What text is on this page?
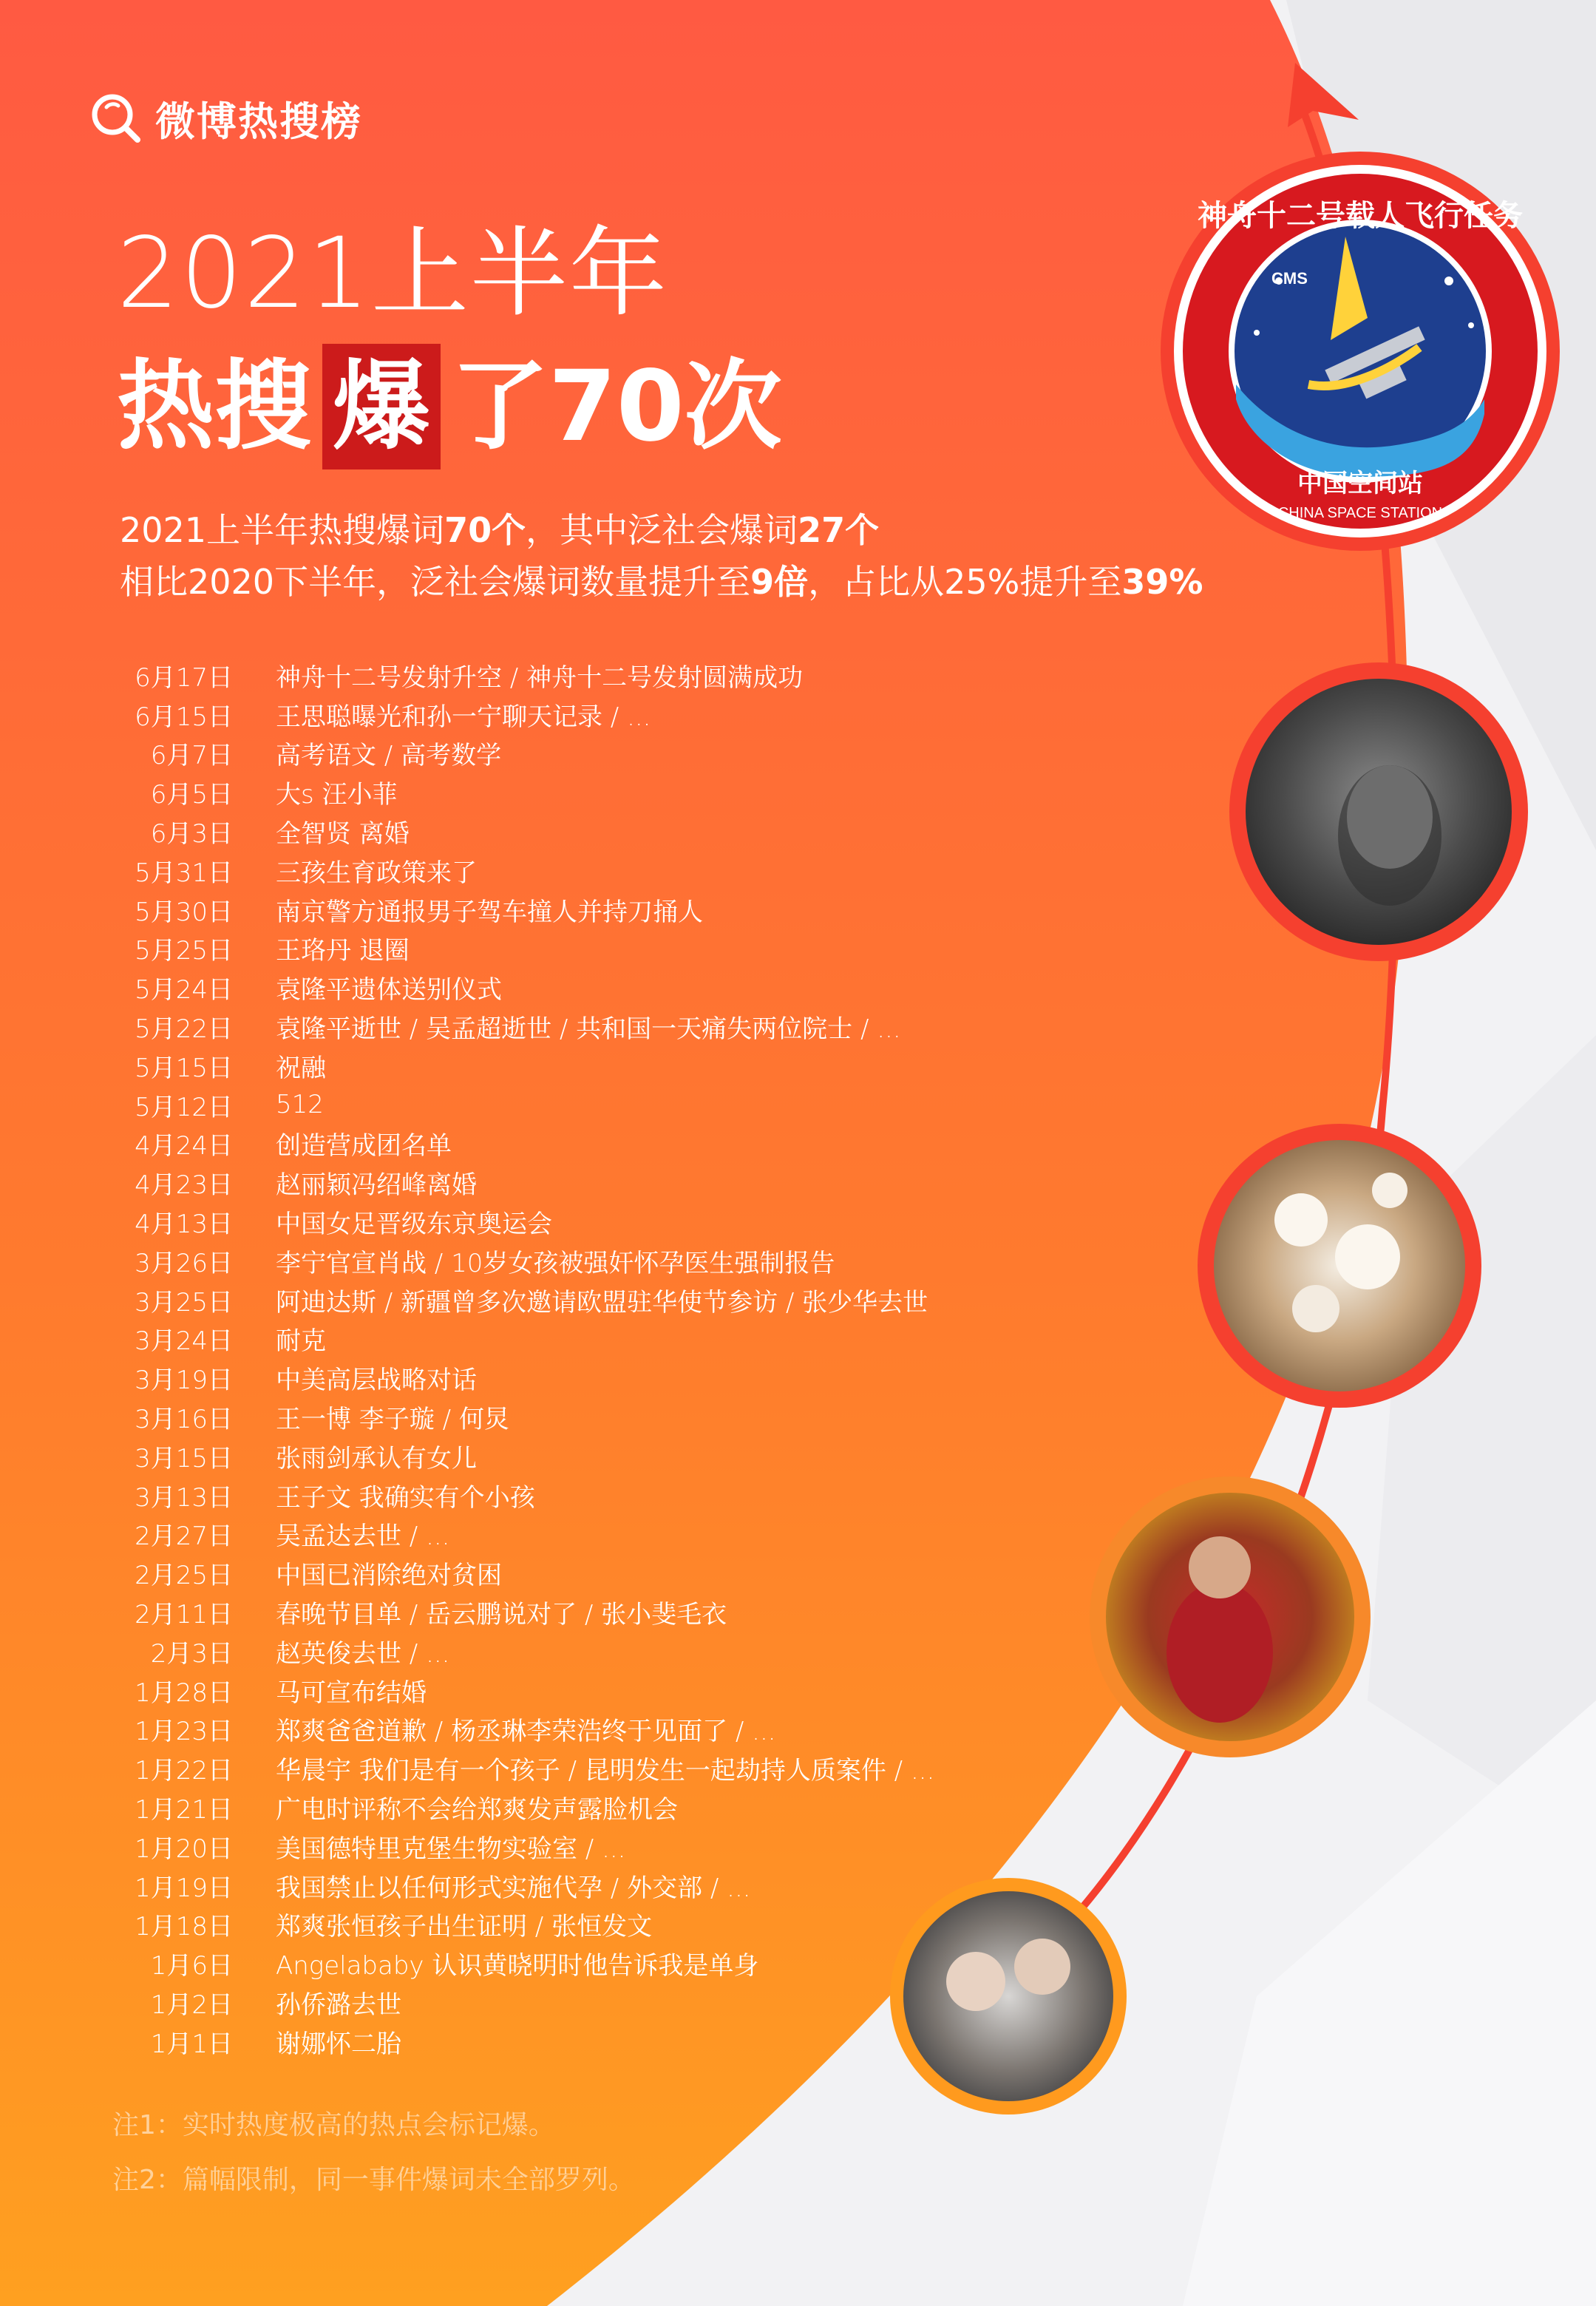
CMS
神舟十二号载人飞行任务
中国空间站
CHINA SPACE STATION
微博热搜榜
2021上半年
热搜 爆 了70次
2021上半年热搜爆词70个，其中泛社会爆词27个
相比2020下半年，泛社会爆词数量提升至9倍，占比从25%提升至39%
6月17日	神舟十二号发射升空 / 神舟十二号发射圆满成功
6月15日	王思聪曝光和孙一宁聊天记录 / ...
6月7日	高考语文 / 高考数学
6月5日	大s 汪小菲
6月3日	全智贤 离婚
5月31日	三孩生育政策来了
5月30日	南京警方通报男子驾车撞人并持刀捅人
5月25日	王珞丹 退圈
5月24日	袁隆平遗体送别仪式
5月22日	袁隆平逝世 / 吴孟超逝世 / 共和国一天痛失两位院士 / ...
5月15日	祝融
5月12日	512
4月24日	创造营成团名单
4月23日	赵丽颖冯绍峰离婚
4月13日	中国女足晋级东京奥运会
3月26日	李宁官宣肖战 / 10岁女孩被强奸怀孕医生强制报告
3月25日	阿迪达斯 / 新疆曾多次邀请欧盟驻华使节参访 / 张少华去世
3月24日	耐克
3月19日	中美高层战略对话
3月16日	王一博 李子璇 / 何炅
3月15日	张雨剑承认有女儿
3月13日	王子文 我确实有个小孩
2月27日	吴孟达去世 / ...
2月25日	中国已消除绝对贫困
2月11日	春晚节目单 / 岳云鹏说对了 / 张小斐毛衣
2月3日	赵英俊去世 / ...
1月28日	马可宣布结婚
1月23日	郑爽爸爸道歉 / 杨丞琳李荣浩终于见面了 / ...
1月22日	华晨宇 我们是有一个孩子 / 昆明发生一起劫持人质案件 / ...
1月21日	广电时评称不会给郑爽发声露脸机会
1月20日	美国德特里克堡生物实验室 / ...
1月19日	我国禁止以任何形式实施代孕 / 外交部 / ...
1月18日	郑爽张恒孩子出生证明 / 张恒发文
1月6日	Angelababy 认识黄晓明时他告诉我是单身
1月2日	孙侨潞去世
1月1日	谢娜怀二胎
注1：实时热度极高的热点会标记爆。
注2：篇幅限制，同一事件爆词未全部罗列。
